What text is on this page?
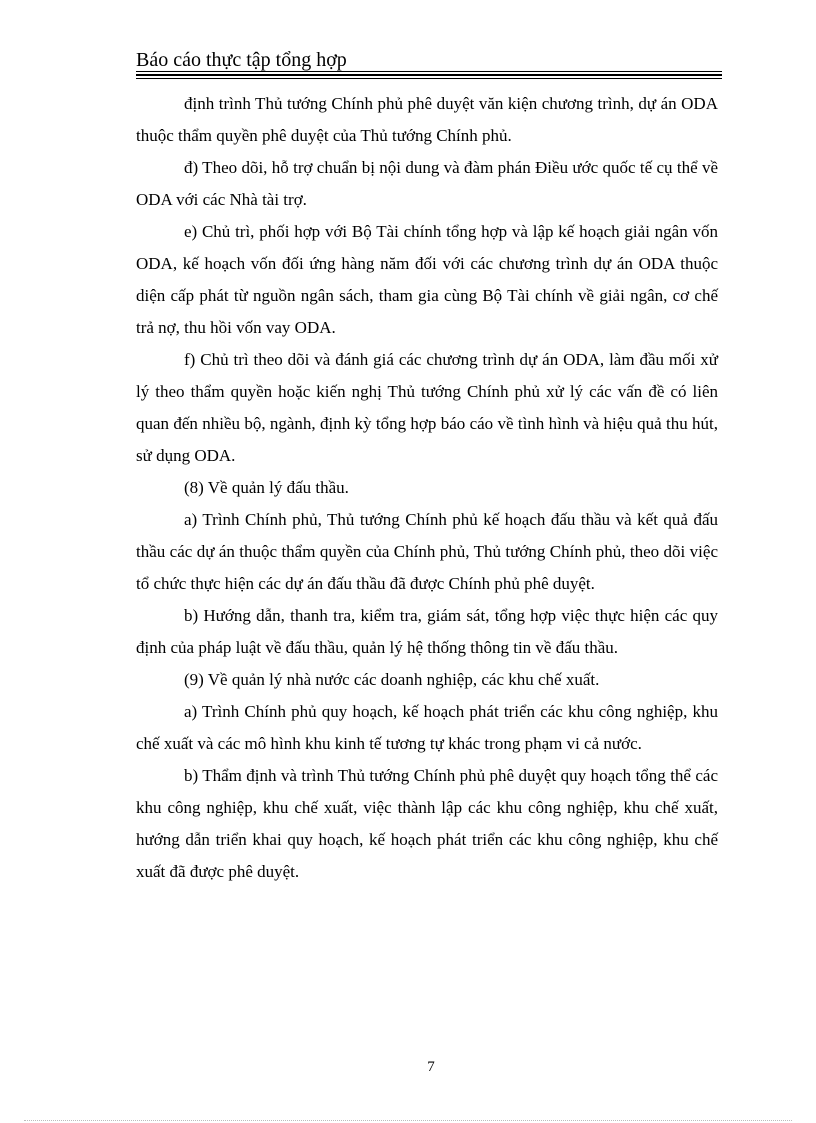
Báo cáo thực tập tổng hợp

định trình Thủ tướng Chính phủ phê duyệt văn kiện chương trình, dự án ODA thuộc thẩm quyền phê duyệt của Thủ tướng Chính phủ.

đ) Theo dõi, hỗ trợ chuẩn bị nội dung và đàm phán Điều ước quốc tế cụ thể về ODA với các Nhà tài trợ.

e) Chủ trì, phối hợp với Bộ Tài chính tổng hợp và lập kế hoạch giải ngân vốn ODA, kế hoạch vốn đối ứng hàng năm đối với các chương trình dự án ODA thuộc diện cấp phát từ nguồn ngân sách, tham gia cùng Bộ Tài chính về giải ngân, cơ chế trả nợ, thu hồi vốn vay ODA.

f) Chủ trì theo dõi và đánh giá các chương trình dự án ODA, làm đầu mối xử lý theo thẩm quyền hoặc kiến nghị Thủ tướng Chính phủ xử lý các vấn đề có liên quan đến nhiều bộ, ngành, định kỳ tổng hợp báo cáo về tình hình và hiệu quả thu hút, sử dụng ODA.

(8) Về quản lý đấu thầu.

a) Trình Chính phủ, Thủ tướng Chính phủ kế hoạch đấu thầu và kết quả đấu thầu các dự án thuộc thẩm quyền của Chính phủ, Thủ tướng Chính phủ, theo dõi việc tổ chức thực hiện các dự án đấu thầu đã được Chính phủ phê duyệt.

b) Hướng dẫn, thanh tra, kiểm tra, giám sát, tổng hợp việc thực hiện các quy định của pháp luật về đấu thầu, quản lý hệ thống thông tin về đấu thầu.

(9) Về quản lý nhà nước các doanh nghiệp, các khu chế xuất.

a) Trình Chính phủ quy hoạch, kế hoạch phát triển các khu công nghiệp, khu chế xuất và các mô hình khu kinh tế tương tự khác trong phạm vi cả nước.

b) Thẩm định và trình Thủ tướng Chính phủ phê duyệt quy hoạch tổng thể các khu công nghiệp, khu chế xuất, việc thành lập các khu công nghiệp, khu chế xuất, hướng dẫn triển khai quy hoạch, kế hoạch phát triển các khu công nghiệp, khu chế xuất đã được phê duyệt.

7
